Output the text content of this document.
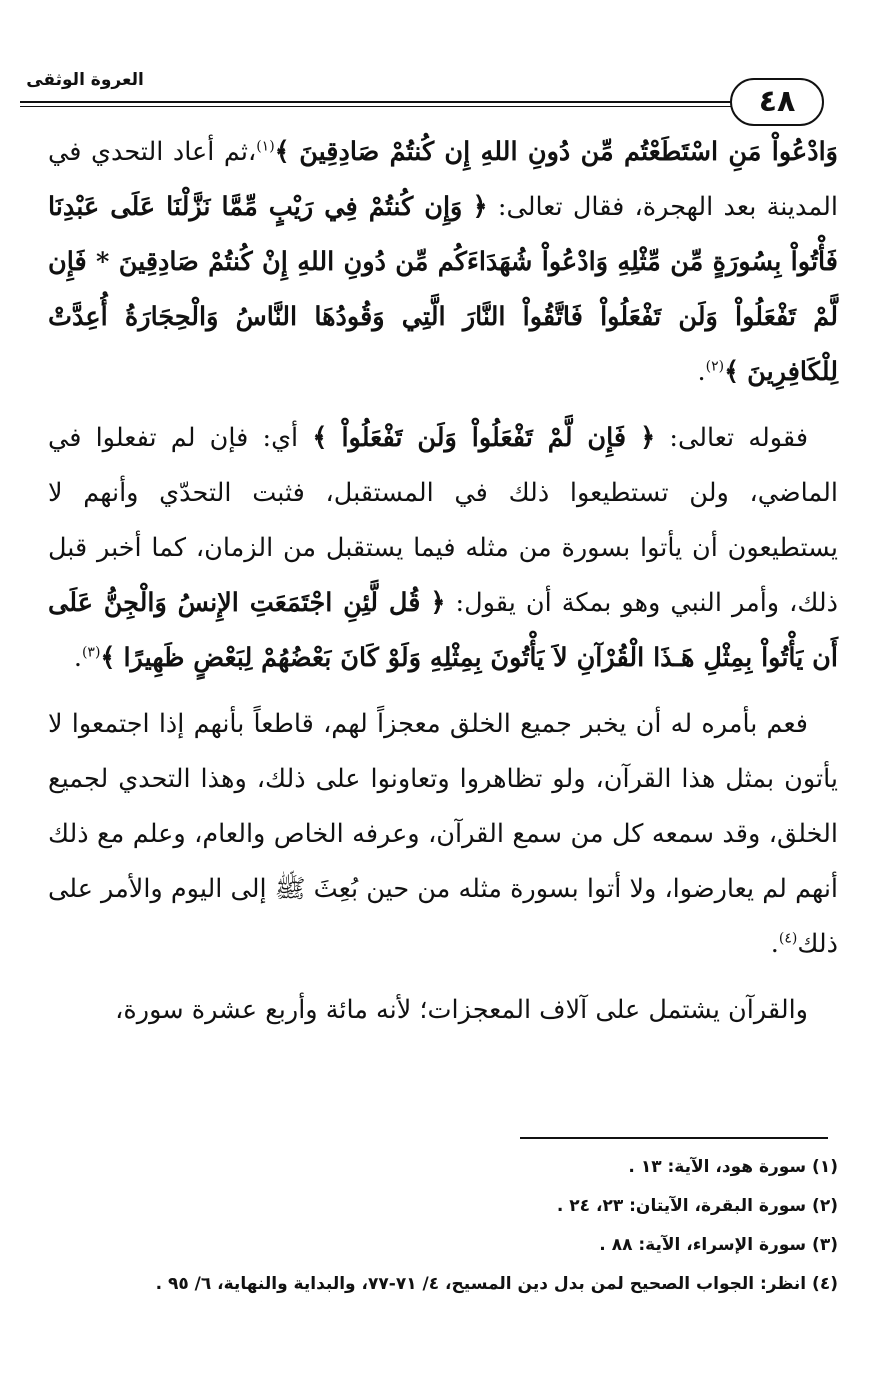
العروة الوثقى
٤٨

وَادْعُواْ مَنِ اسْتَطَعْتُم مِّن دُونِ اللهِ إِن كُنتُمْ صَادِقِينَ ﴾$^{(١)}$،ثم أعاد التحدي في المدينة بعد الهجرة، فقال تعالى: ﴿ وَإِن كُنتُمْ فِي رَيْبٍ مِّمَّا نَزَّلْنَا عَلَى عَبْدِنَا فَأْتُواْ بِسُورَةٍ مِّن مِّثْلِهِ وَادْعُواْ شُهَدَاءَكُم مِّن دُونِ اللهِ إِنْ كُنتُمْ صَادِقِينَ * فَإِن لَّمْ تَفْعَلُواْ وَلَن تَفْعَلُواْ فَاتَّقُواْ النَّارَ الَّتِي وَقُودُهَا النَّاسُ وَالْحِجَارَةُ أُعِدَّتْ لِلْكَافِرِينَ ﴾$^{(٢)}$.

فقوله تعالى: ﴿ فَإِن لَّمْ تَفْعَلُواْ وَلَن تَفْعَلُواْ ﴾ أي: فإن لم تفعلوا في الماضي، ولن تستطيعوا ذلك في المستقبل، فثبت التحدّي وأنهم لا يستطيعون أن يأتوا بسورة من مثله فيما يستقبل من الزمان، كما أخبر قبل ذلك، وأمر النبي وهو بمكة أن يقول: ﴿ قُل لَّئِنِ اجْتَمَعَتِ الإِنسُ وَالْجِنُّ عَلَى أَن يَأْتُواْ بِمِثْلِ هَـذَا الْقُرْآنِ لاَ يَأْتُونَ بِمِثْلِهِ وَلَوْ كَانَ بَعْضُهُمْ لِبَعْضٍ ظَهِيرًا ﴾$^{(٣)}$.

فعم بأمره له أن يخبر جميع الخلق معجزاً لهم، قاطعاً بأنهم إذا اجتمعوا لا يأتون بمثل هذا القرآن، ولو تظاهروا وتعاونوا على ذلك، وهذا التحدي لجميع الخلق، وقد سمعه كل من سمع القرآن، وعرفه الخاص والعام، وعلم مع ذلك أنهم لم يعارضوا، ولا أتوا بسورة مثله من حين بُعِثَ ﷺ إلى اليوم والأمر على ذلك$^{(٤)}$.

والقرآن يشتمل على آلاف المعجزات؛ لأنه مائة وأربع عشرة سورة،

(١) سورة هود، الآية: ١٣ .
(٢) سورة البقرة، الآيتان: ٢٣، ٢٤ .
(٣) سورة الإسراء، الآية: ٨٨ .
(٤) انظر: الجواب الصحيح لمن بدل دين المسيح، ٤/ ٧١-٧٧، والبداية والنهاية، ٦/ ٩٥ .
